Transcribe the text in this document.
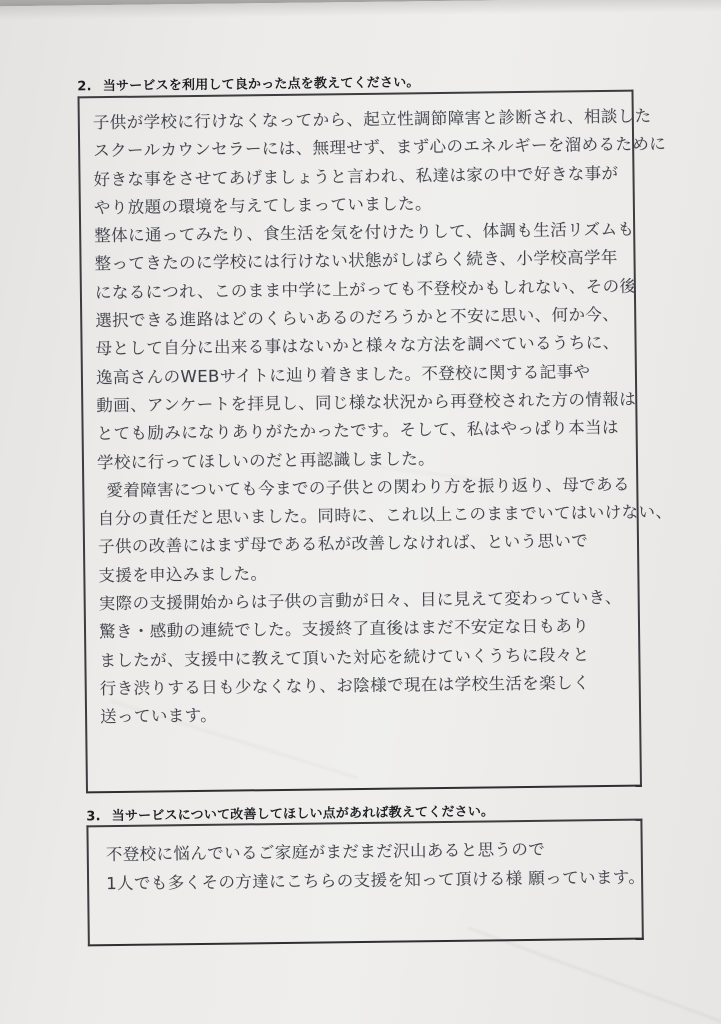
2. 当サービスを利用して良かった点を教えてください。
子供が学校に行けなくなってから、起立性調節障害と診断され、相談した
スクールカウンセラーには、無理せず、まず心のエネルギーを溜めるために
好きな事をさせてあげましょうと言われ、私達は家の中で好きな事が
やり放題の環境を与えてしまっていました。
整体に通ってみたり、食生活を気を付けたりして、体調も生活リズムも
整ってきたのに学校には行けない状態がしばらく続き、小学校高学年
になるにつれ、このまま中学に上がっても不登校かもしれない、その後
選択できる進路はどのくらいあるのだろうかと不安に思い、何か今、
母として自分に出来る事はないかと様々な方法を調べているうちに、
逸高さんのWEBサイトに辿り着きました。不登校に関する記事や
動画、アンケートを拝見し、同じ様な状況から再登校された方の情報は
とても励みになりありがたかったです。そして、私はやっぱり本当は
学校に行ってほしいのだと再認識しました。
愛着障害についても今までの子供との関わり方を振り返り、母である
自分の責任だと思いました。同時に、これ以上このままでいてはいけない、
子供の改善にはまず母である私が改善しなければ、という思いで
支援を申込みました。
実際の支援開始からは子供の言動が日々、目に見えて変わっていき、
驚き・感動の連続でした。支援終了直後はまだ不安定な日もあり
ましたが、支援中に教えて頂いた対応を続けていくうちに段々と
行き渋りする日も少なくなり、お陰様で現在は学校生活を楽しく
送っています。
3. 当サービスについて改善してほしい点があれば教えてください。
不登校に悩んでいるご家庭がまだまだ沢山あると思うので
1人でも多くその方達にこちらの支援を知って頂ける様 願っています。
